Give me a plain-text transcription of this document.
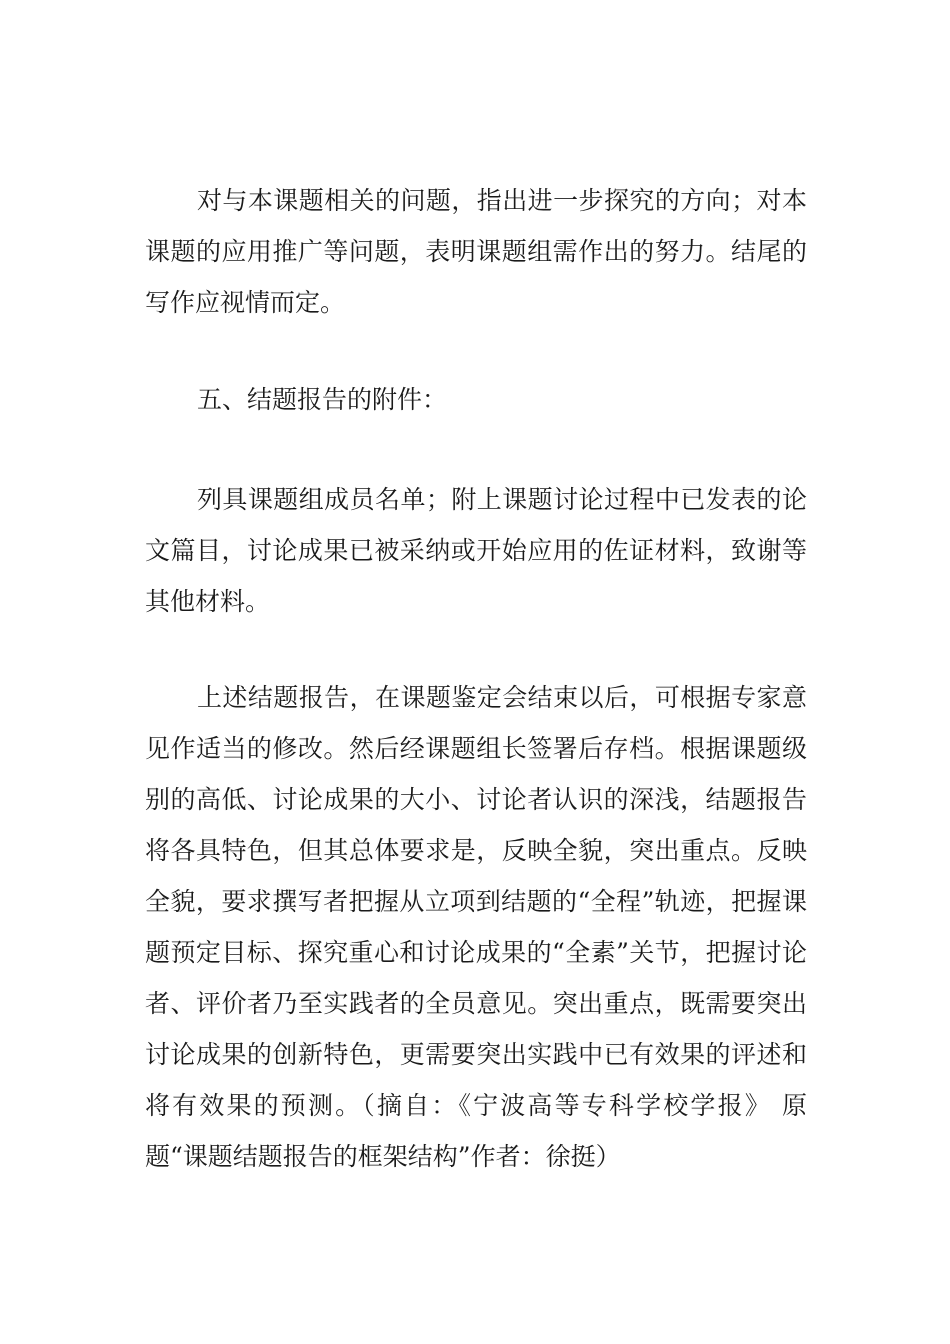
对与本课题相关的问题，指出进一步探究的方向；对本课题的应用推广等问题，表明课题组需作出的努力。结尾的写作应视情而定。

五、结题报告的附件：

列具课题组成员名单；附上课题讨论过程中已发表的论文篇目，讨论成果已被采纳或开始应用的佐证材料，致谢等其他材料。

上述结题报告，在课题鉴定会结束以后，可根据专家意见作适当的修改。然后经课题组长签署后存档。根据课题级别的高低、讨论成果的大小、讨论者认识的深浅，结题报告将各具特色，但其总体要求是，反映全貌，突出重点。反映全貌，要求撰写者把握从立项到结题的“全程”轨迹，把握课题预定目标、探究重心和讨论成果的“全素”关节，把握讨论者、评价者乃至实践者的全员意见。突出重点，既需要突出讨论成果的创新特色，更需要突出实践中已有效果的评述和将有效果的预测。（摘自：《宁波高等专科学校学报》 原题“课题结题报告的框架结构”作者：徐挺）
